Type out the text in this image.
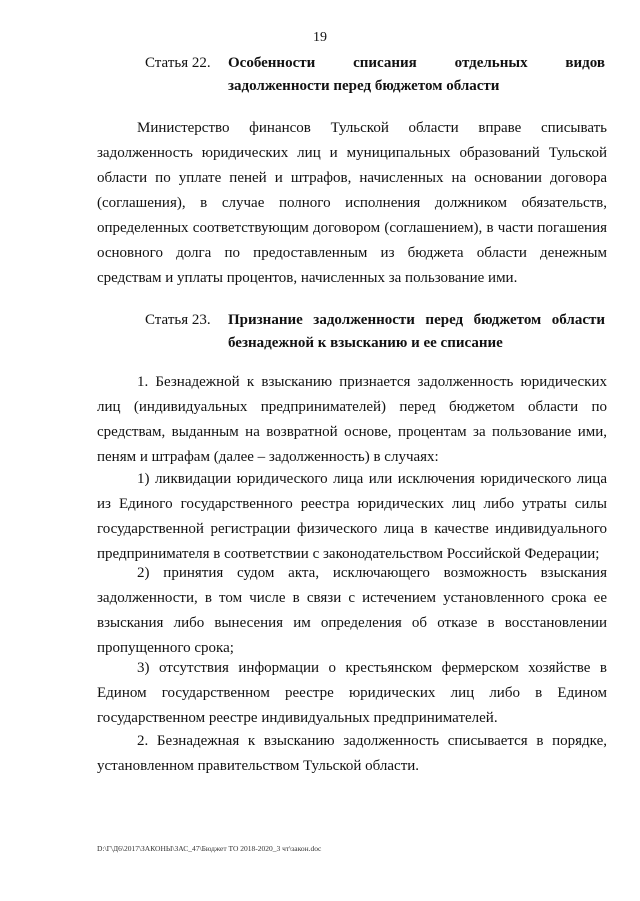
19
Статья 22. Особенности списания отдельных видов
задолженности перед бюджетом области

Министерство финансов Тульской области вправе списывать задолженность юридических лиц и муниципальных образований Тульской области по уплате пеней и штрафов, начисленных на основании договора (соглашения), в случае полного исполнения должником обязательств, определенных соответствующим договором (соглашением), в части погашения основного долга по предоставленным из бюджета области денежным средствам и уплаты процентов, начисленных за пользование ими.

Статья 23. Признание задолженности перед бюджетом области
безнадежной к взысканию и ее списание

1. Безнадежной к взысканию признается задолженность юридических лиц (индивидуальных предпринимателей) перед бюджетом области по средствам, выданным на возвратной основе, процентам за пользование ими, пеням и штрафам (далее – задолженность) в случаях:

1) ликвидации юридического лица или исключения юридического лица из Единого государственного реестра юридических лиц либо утраты силы государственной регистрации физического лица в качестве индивидуального предпринимателя в соответствии с законодательством Российской Федерации;

2) принятия судом акта, исключающего возможность взыскания задолженности, в том числе в связи с истечением установленного срока ее взыскания либо вынесения им определения об отказе в восстановлении пропущенного срока;

3) отсутствия информации о крестьянском фермерском хозяйстве в Едином государственном реестре юридических лиц либо в Едином государственном реестре индивидуальных предпринимателей.

2. Безнадежная к взысканию задолженность списывается в порядке, установленном правительством Тульской области.

D:\Г\Д6\2017\ЗАКОНЫ\ЗАС_47\Бюджет ТО 2018-2020_3 чт\закон.doc
